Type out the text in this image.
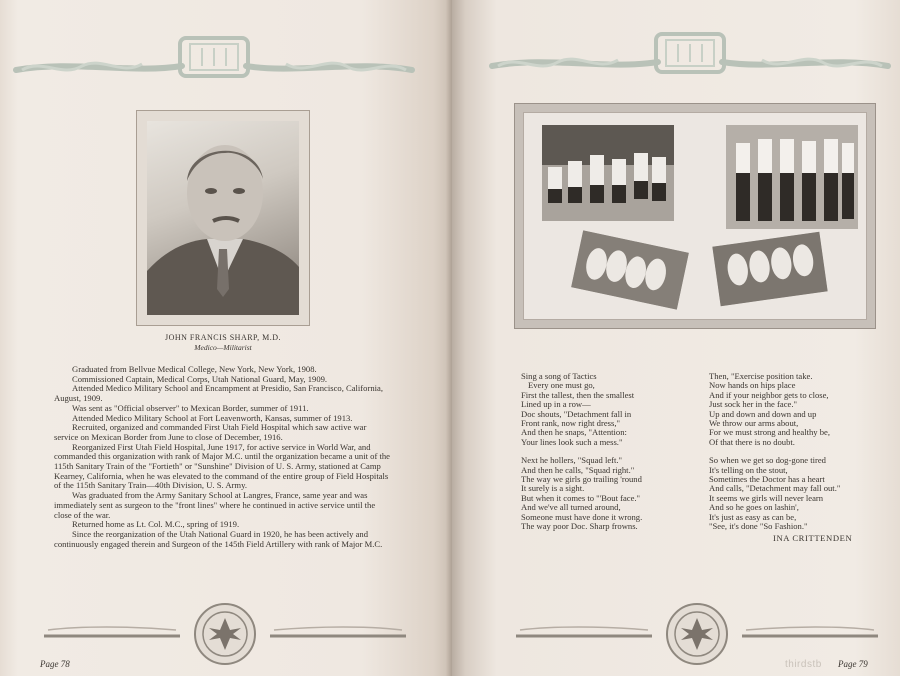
JOHN FRANCIS SHARP, M.D.
Medico—Militarist

Graduated from Bellvue Medical College, New York, New York, 1908.

Commissioned Captain, Medical Corps, Utah National Guard, May, 1909.

Attended Medico Military School and Encampment at Presidio, San Francisco, California, August, 1909.

Was sent as "Official observer" to Mexican Border, summer of 1911.

Attended Medico Military School at Fort Leavenworth, Kansas, summer of 1913.

Recruited, organized and commanded First Utah Field Hospital which saw active war service on Mexican Border from June to close of December, 1916.

Reorganized First Utah Field Hospital, June 1917, for active service in World War, and commanded this organization with rank of Major M.C. until the organization became a unit of the 115th Sanitary Train of the "Fortieth" or "Sunshine" Division of U. S. Army, stationed at Camp Kearney, California, when he was elevated to the command of the entire group of Field Hospitals of the 115th Sanitary Train—40th Division, U. S. Army.

Was graduated from the Army Sanitary School at Langres, France, same year and was immediately sent as surgeon to the "front lines" where he continued in active service until the close of the war.

Returned home as Lt. Col. M.C., spring of 1919.

Since the reorganization of the Utah National Guard in 1920, he has been actively and continuously engaged therein and Surgeon of the 145th Field Artillery with rank of Major M.C.

Page 78
Sing a song of Tactics
Every one must go,
First the tallest, then the smallest
Lined up in a row—
Doc shouts, "Detachment fall in
Front rank, now right dress,"
And then he snaps, "Attention:
Your lines look such a mess."
Next he hollers, "Squad left."
And then he calls, "Squad right."
The way we girls go trailing 'round
It surely is a sight.
But when it comes to "'Bout face."
And we've all turned around,
Someone must have done it wrong.
The way poor Doc. Sharp frowns.
Then, "Exercise position take.
Now hands on hips place
And if your neighbor gets to close,
Just sock her in the face."
Up and down and down and up
We throw our arms about,
For we must strong and healthy be,
Of that there is no doubt.
So when we get so dog-gone tired
It's telling on the stout,
Sometimes the Doctor has a heart
And calls, "Detachment may fall out."
It seems we girls will never learn
And so he goes on lashin',
It's just as easy as can be,
"See, it's done "So Fashion."
INA CRITTENDEN
Page 79
thirdstb
